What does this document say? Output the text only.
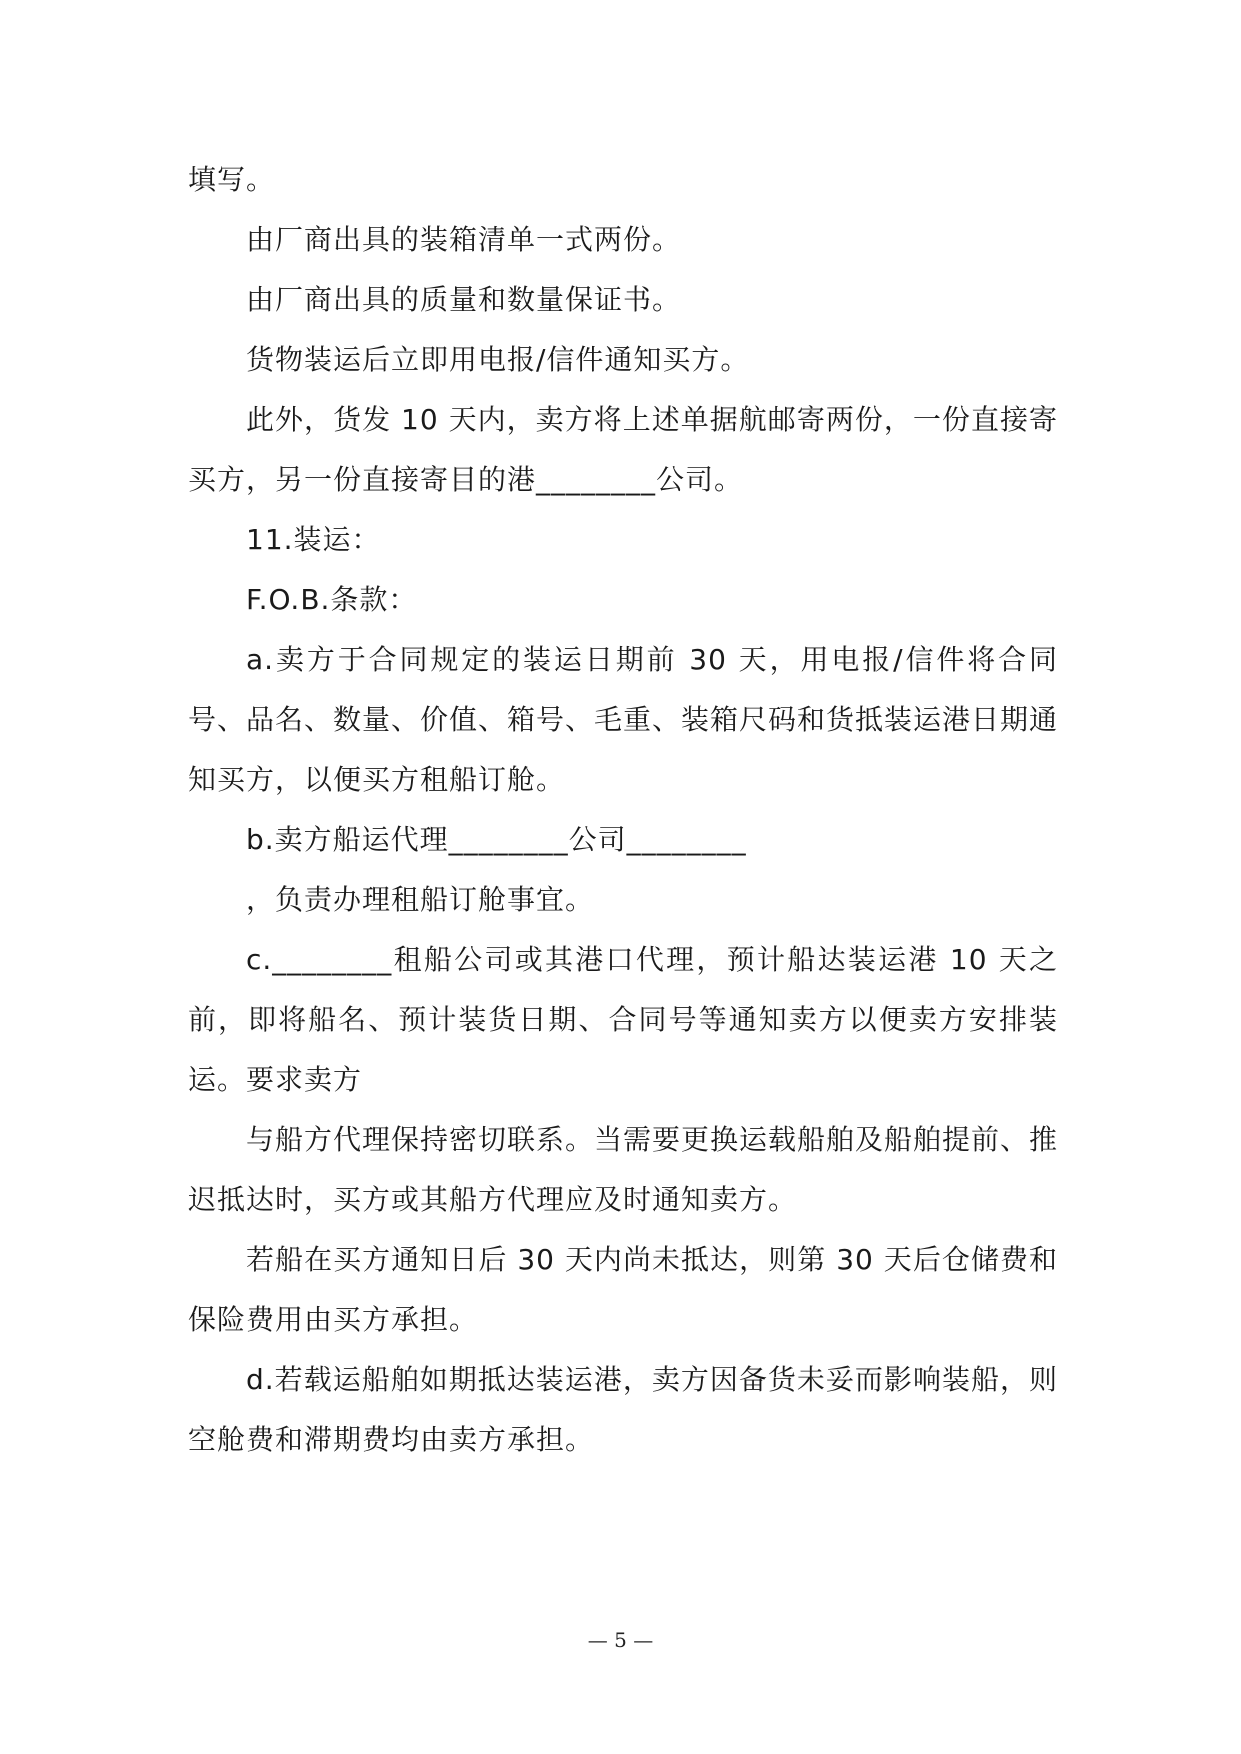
填写。

由厂商出具的装箱清单一式两份。

由厂商出具的质量和数量保证书。

货物装运后立即用电报/信件通知买方。

此外，货发 10 天内，卖方将上述单据航邮寄两份，一份直接寄买方，另一份直接寄目的港________公司。

11.装运：

F.O.B.条款：

a.卖方于合同规定的装运日期前 30 天，用电报/信件将合同号、品名、数量、价值、箱号、毛重、装箱尺码和货抵装运港日期通知买方，以便买方租船订舱。

b.卖方船运代理________公司________

，负责办理租船订舱事宜。

c.________租船公司或其港口代理，预计船达装运港 10 天之前，即将船名、预计装货日期、合同号等通知卖方以便卖方安排装运。要求卖方

与船方代理保持密切联系。当需要更换运载船舶及船舶提前、推迟抵达时，买方或其船方代理应及时通知卖方。

若船在买方通知日后 30 天内尚未抵达，则第 30 天后仓储费和保险费用由买方承担。

d.若载运船舶如期抵达装运港，卖方因备货未妥而影响装船，则空舱费和滞期费均由卖方承担。

— 5 —
